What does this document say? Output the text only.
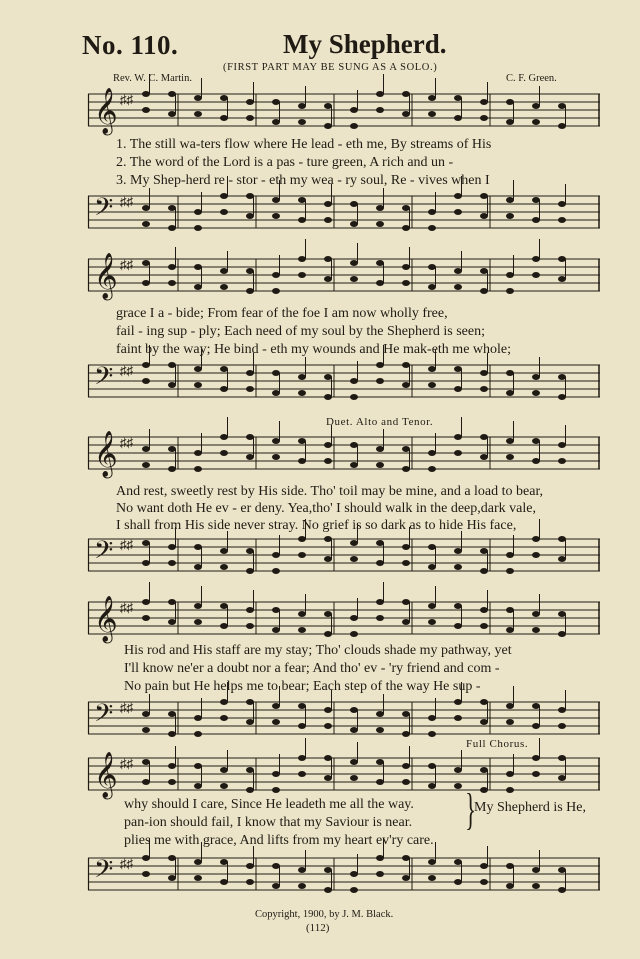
No. 110.	My Shepherd.
(FIRST PART MAY BE SUNG AS A SOLO.)
Rev. W. C. Martin.	C. F. Green.
𝄞 ♯♯
1. The still wa-ters flow where He lead - eth me, By streams of His
2. The word of the Lord is a pas - ture green, A rich and un -
3. My Shep-herd re - stor - eth my wea - ry soul, Re - vives when I
𝄢 ♯♯
𝄞 ♯♯
grace I a - bide; From fear of the foe I am now wholly free,
fail - ing sup - ply; Each need of my soul by the Shepherd is seen;
faint by the way; He bind - eth my wounds and He mak-eth me whole;
𝄢 ♯♯
Duet. Alto and Tenor.
𝄞 ♯♯
And rest, sweetly rest by His side. Tho' toil may be mine, and a load to bear,
No want doth He ev - er deny. Yea,tho' I should walk in the deep,dark vale,
I shall from His side never stray. No grief is so dark as to hide His face,
𝄢 ♯♯
𝄞 ♯♯
His rod and His staff are my stay; Tho' clouds shade my pathway, yet
I'll know ne'er a doubt nor a fear; And tho' ev - 'ry friend and com -
No pain but He helps me to bear; Each step of the way He sup -
𝄢 ♯♯
Full Chorus.
𝄞 ♯♯
why should I care, Since He leadeth me all the way.
pan-ion should fail, I know that my Saviour is near.
plies me with grace, And lifts from my heart ev'ry care.
𝄢 ♯♯
}
My Shepherd is He,
Copyright, 1900, by J. M. Black.
(112)
